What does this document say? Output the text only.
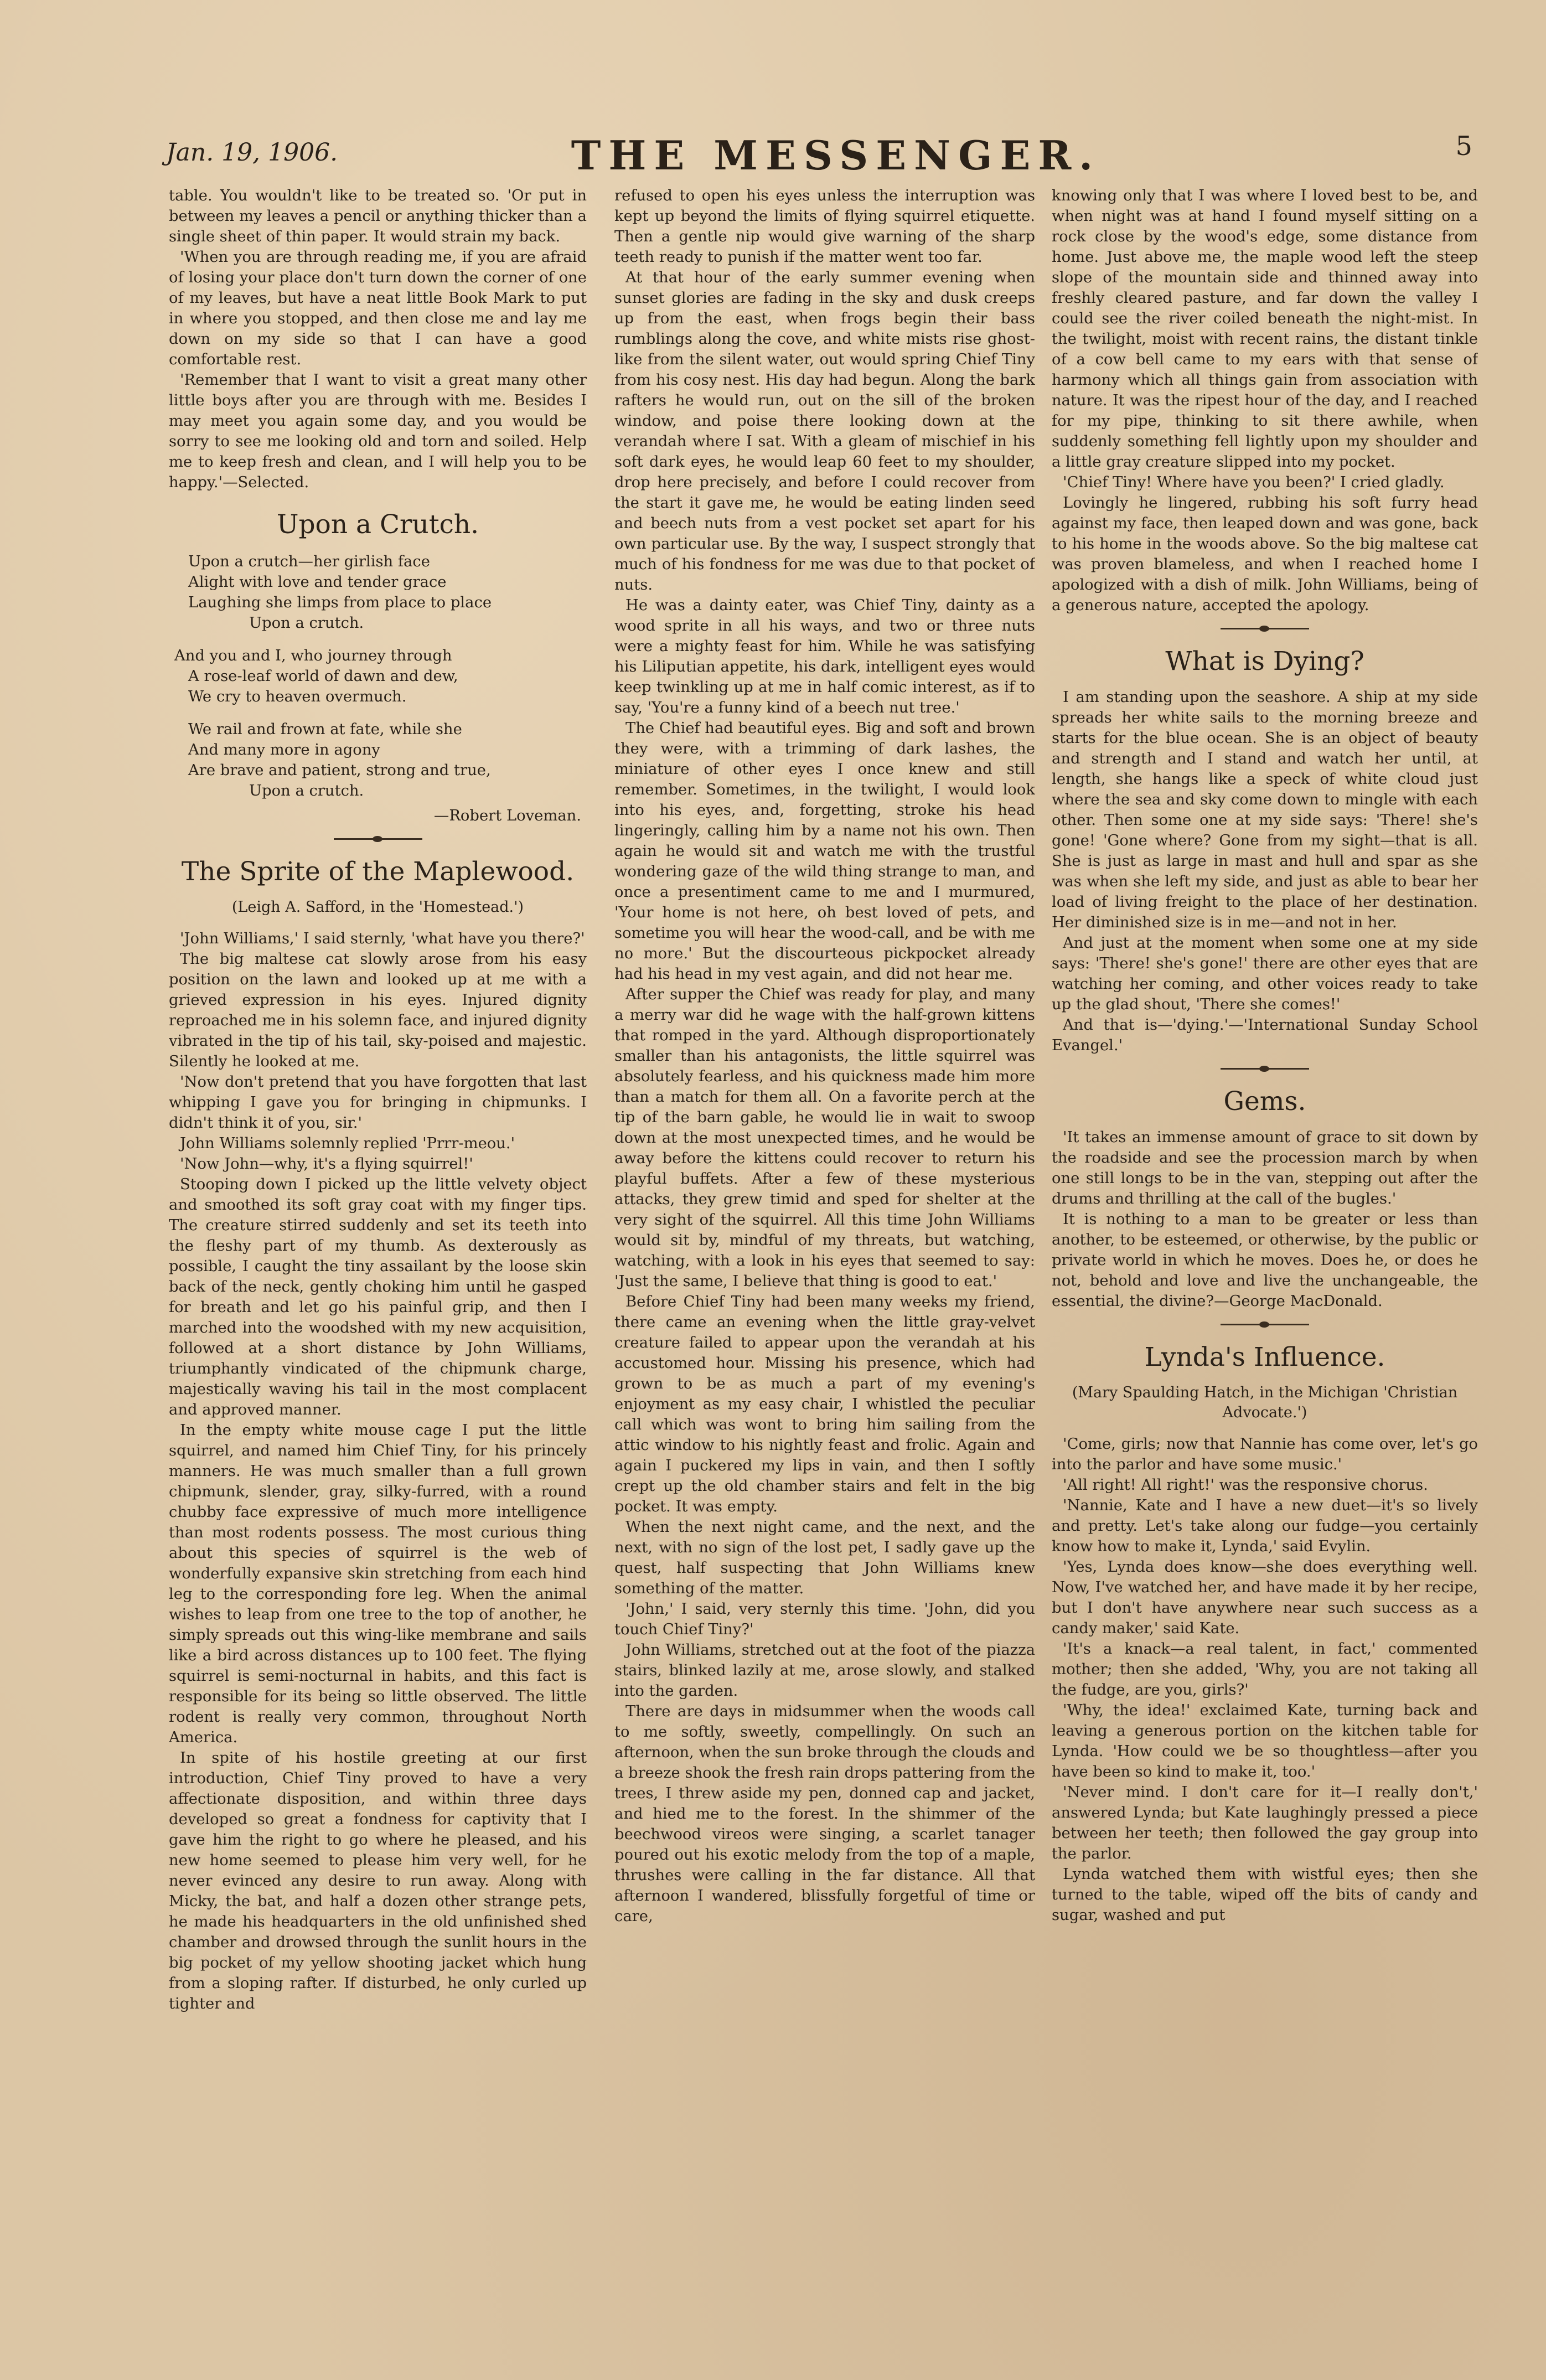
Jan. 19, 1906.	THE MESSENGER.	5

table. You wouldn't like to be treated so. 'Or put in between my leaves a pencil or anything thicker than a single sheet of thin paper. It would strain my back.

'When you are through reading me, if you are afraid of losing your place don't turn down the corner of one of my leaves, but have a neat little Book Mark to put in where you stopped, and then close me and lay me down on my side so that I can have a good comfortable rest.

'Remember that I want to visit a great many other little boys after you are through with me. Besides I may meet you again some day, and you would be sorry to see me looking old and torn and soiled. Help me to keep fresh and clean, and I will help you to be happy.'—Selected.

Upon a Crutch.
Upon a crutch—her girlish face
Alight with love and tender grace
Laughing she limps from place to place
Upon a crutch.
And you and I, who journey through
A rose-leaf world of dawn and dew,
We cry to heaven overmuch.
We rail and frown at fate, while she
And many more in agony
Are brave and patient, strong and true,
Upon a crutch.
—Robert Loveman.
The Sprite of the Maplewood.
(Leigh A. Safford, in the 'Homestead.')

'John Williams,' I said sternly, 'what have you there?'

The big maltese cat slowly arose from his easy position on the lawn and looked up at me with a grieved expression in his eyes. Injured dignity reproached me in his solemn face, and injured dignity vibrated in the tip of his tail, sky-poised and majestic. Silently he looked at me.

'Now don't pretend that you have forgotten that last whipping I gave you for bringing in chipmunks. I didn't think it of you, sir.'

John Williams solemnly replied 'Prrr-meou.'

'Now John—why, it's a flying squirrel!'

Stooping down I picked up the little velvety object and smoothed its soft gray coat with my finger tips. The creature stirred suddenly and set its teeth into the fleshy part of my thumb. As dexterously as possible, I caught the tiny assailant by the loose skin back of the neck, gently choking him until he gasped for breath and let go his painful grip, and then I marched into the woodshed with my new acquisition, followed at a short distance by John Williams, triumphantly vindicated of the chipmunk charge, majestically waving his tail in the most complacent and approved manner.

In the empty white mouse cage I put the little squirrel, and named him Chief Tiny, for his princely manners. He was much smaller than a full grown chipmunk, slender, gray, silky-furred, with a round chubby face expressive of much more intelligence than most rodents possess. The most curious thing about this species of squirrel is the web of wonderfully expansive skin stretching from each hind leg to the corresponding fore leg. When the animal wishes to leap from one tree to the top of another, he simply spreads out this wing-like membrane and sails like a bird across distances up to 100 feet. The flying squirrel is semi-nocturnal in habits, and this fact is responsible for its being so little observed. The little rodent is really very common, throughout North America.

In spite of his hostile greeting at our first introduction, Chief Tiny proved to have a very affectionate disposition, and within three days developed so great a fondness for captivity that I gave him the right to go where he pleased, and his new home seemed to please him very well, for he never evinced any desire to run away. Along with Micky, the bat, and half a dozen other strange pets, he made his headquarters in the old unfinished shed chamber and drowsed through the sunlit hours in the big pocket of my yellow shooting jacket which hung from a sloping rafter. If disturbed, he only curled up tighter and

refused to open his eyes unless the interruption was kept up beyond the limits of flying squirrel etiquette. Then a gentle nip would give warning of the sharp teeth ready to punish if the matter went too far.

At that hour of the early summer evening when sunset glories are fading in the sky and dusk creeps up from the east, when frogs begin their bass rumblings along the cove, and white mists rise ghost-like from the silent water, out would spring Chief Tiny from his cosy nest. His day had begun. Along the bark rafters he would run, out on the sill of the broken window, and poise there looking down at the verandah where I sat. With a gleam of mischief in his soft dark eyes, he would leap 60 feet to my shoulder, drop here precisely, and before I could recover from the start it gave me, he would be eating linden seed and beech nuts from a vest pocket set apart for his own particular use. By the way, I suspect strongly that much of his fondness for me was due to that pocket of nuts.

He was a dainty eater, was Chief Tiny, dainty as a wood sprite in all his ways, and two or three nuts were a mighty feast for him. While he was satisfying his Liliputian appetite, his dark, intelligent eyes would keep twinkling up at me in half comic interest, as if to say, 'You're a funny kind of a beech nut tree.'

The Chief had beautiful eyes. Big and soft and brown they were, with a trimming of dark lashes, the miniature of other eyes I once knew and still remember. Sometimes, in the twilight, I would look into his eyes, and, forgetting, stroke his head lingeringly, calling him by a name not his own. Then again he would sit and watch me with the trustful wondering gaze of the wild thing strange to man, and once a presentiment came to me and I murmured, 'Your home is not here, oh best loved of pets, and sometime you will hear the wood-call, and be with me no more.' But the discourteous pickpocket already had his head in my vest again, and did not hear me.

After supper the Chief was ready for play, and many a merry war did he wage with the half-grown kittens that romped in the yard. Although disproportionately smaller than his antagonists, the little squirrel was absolutely fearless, and his quickness made him more than a match for them all. On a favorite perch at the tip of the barn gable, he would lie in wait to swoop down at the most unexpected times, and he would be away before the kittens could recover to return his playful buffets. After a few of these mysterious attacks, they grew timid and sped for shelter at the very sight of the squirrel. All this time John Williams would sit by, mindful of my threats, but watching, watching, with a look in his eyes that seemed to say: 'Just the same, I believe that thing is good to eat.'

Before Chief Tiny had been many weeks my friend, there came an evening when the little gray-velvet creature failed to appear upon the verandah at his accustomed hour. Missing his presence, which had grown to be as much a part of my evening's enjoyment as my easy chair, I whistled the peculiar call which was wont to bring him sailing from the attic window to his nightly feast and frolic. Again and again I puckered my lips in vain, and then I softly crept up the old chamber stairs and felt in the big pocket. It was empty.

When the next night came, and the next, and the next, with no sign of the lost pet, I sadly gave up the quest, half suspecting that John Williams knew something of the matter.

'John,' I said, very sternly this time. 'John, did you touch Chief Tiny?'

John Williams, stretched out at the foot of the piazza stairs, blinked lazily at me, arose slowly, and stalked into the garden.

There are days in midsummer when the woods call to me softly, sweetly, compellingly. On such an afternoon, when the sun broke through the clouds and a breeze shook the fresh rain drops pattering from the trees, I threw aside my pen, donned cap and jacket, and hied me to the forest. In the shimmer of the beechwood vireos were singing, a scarlet tanager poured out his exotic melody from the top of a maple, thrushes were calling in the far distance. All that afternoon I wandered, blissfully forgetful of time or care,

knowing only that I was where I loved best to be, and when night was at hand I found myself sitting on a rock close by the wood's edge, some distance from home. Just above me, the maple wood left the steep slope of the mountain side and thinned away into freshly cleared pasture, and far down the valley I could see the river coiled beneath the night-mist. In the twilight, moist with recent rains, the distant tinkle of a cow bell came to my ears with that sense of harmony which all things gain from association with nature. It was the ripest hour of the day, and I reached for my pipe, thinking to sit there awhile, when suddenly something fell lightly upon my shoulder and a little gray creature slipped into my pocket.

'Chief Tiny! Where have you been?' I cried gladly.

Lovingly he lingered, rubbing his soft furry head against my face, then leaped down and was gone, back to his home in the woods above. So the big maltese cat was proven blameless, and when I reached home I apologized with a dish of milk. John Williams, being of a generous nature, accepted the apology.

What is Dying?

I am standing upon the seashore. A ship at my side spreads her white sails to the morning breeze and starts for the blue ocean. She is an object of beauty and strength and I stand and watch her until, at length, she hangs like a speck of white cloud just where the sea and sky come down to mingle with each other. Then some one at my side says: 'There! she's gone! 'Gone where? Gone from my sight—that is all. She is just as large in mast and hull and spar as she was when she left my side, and just as able to bear her load of living freight to the place of her destination. Her diminished size is in me—and not in her.

And just at the moment when some one at my side says: 'There! she's gone!' there are other eyes that are watching her coming, and other voices ready to take up the glad shout, 'There she comes!'

And that is—'dying.'—'International Sunday School Evangel.'

Gems.

'It takes an immense amount of grace to sit down by the roadside and see the procession march by when one still longs to be in the van, stepping out after the drums and thrilling at the call of the bugles.'

It is nothing to a man to be greater or less than another, to be esteemed, or otherwise, by the public or private world in which he moves. Does he, or does he not, behold and love and live the unchangeable, the essential, the divine?—George MacDonald.

Lynda's Influence.
(Mary Spaulding Hatch, in the Michigan 'Christian Advocate.')

'Come, girls; now that Nannie has come over, let's go into the parlor and have some music.'

'All right! All right!' was the responsive chorus.

'Nannie, Kate and I have a new duet—it's so lively and pretty. Let's take along our fudge—you certainly know how to make it, Lynda,' said Evylin.

'Yes, Lynda does know—she does everything well. Now, I've watched her, and have made it by her recipe, but I don't have anywhere near such success as a candy maker,' said Kate.

'It's a knack—a real talent, in fact,' commented mother; then she added, 'Why, you are not taking all the fudge, are you, girls?'

'Why, the idea!' exclaimed Kate, turning back and leaving a generous portion on the kitchen table for Lynda. 'How could we be so thoughtless—after you have been so kind to make it, too.'

'Never mind. I don't care for it—I really don't,' answered Lynda; but Kate laughingly pressed a piece between her teeth; then followed the gay group into the parlor.

Lynda watched them with wistful eyes; then she turned to the table, wiped off the bits of candy and sugar, washed and put
